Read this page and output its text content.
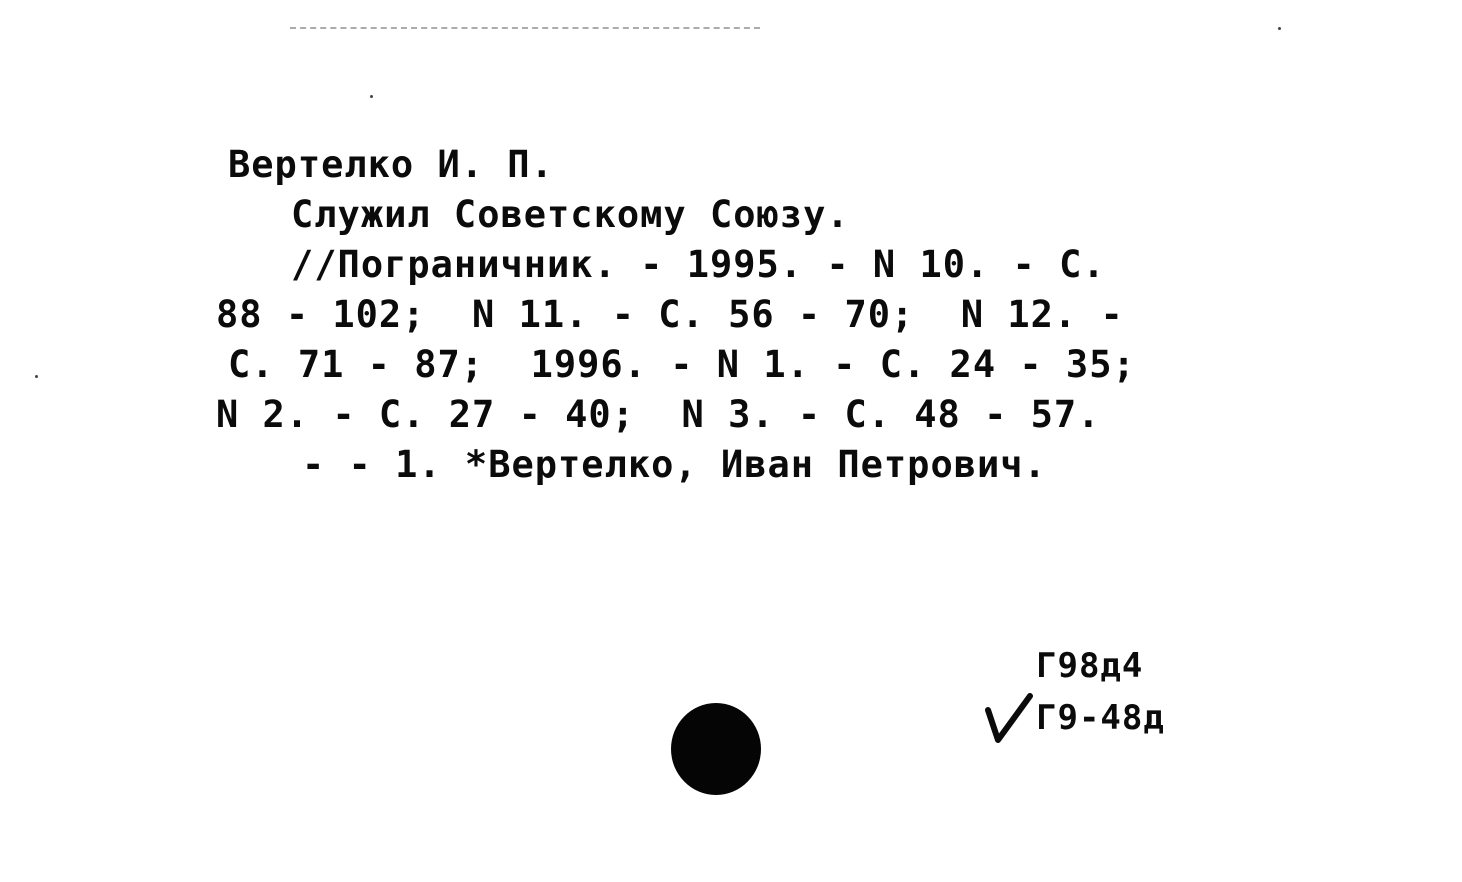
Вертелко И. П.
Служил Советскому Союзу.
//Пограничник. - 1995. - N 10. - С.
88 - 102;  N 11. - С. 56 - 70;  N 12. -
С. 71 - 87;  1996. - N 1. - С. 24 - 35;
N 2. - С. 27 - 40;  N 3. - С. 48 - 57.
- - 1. *Вертелко, Иван Петрович.
Г98д4
Г9-48д
